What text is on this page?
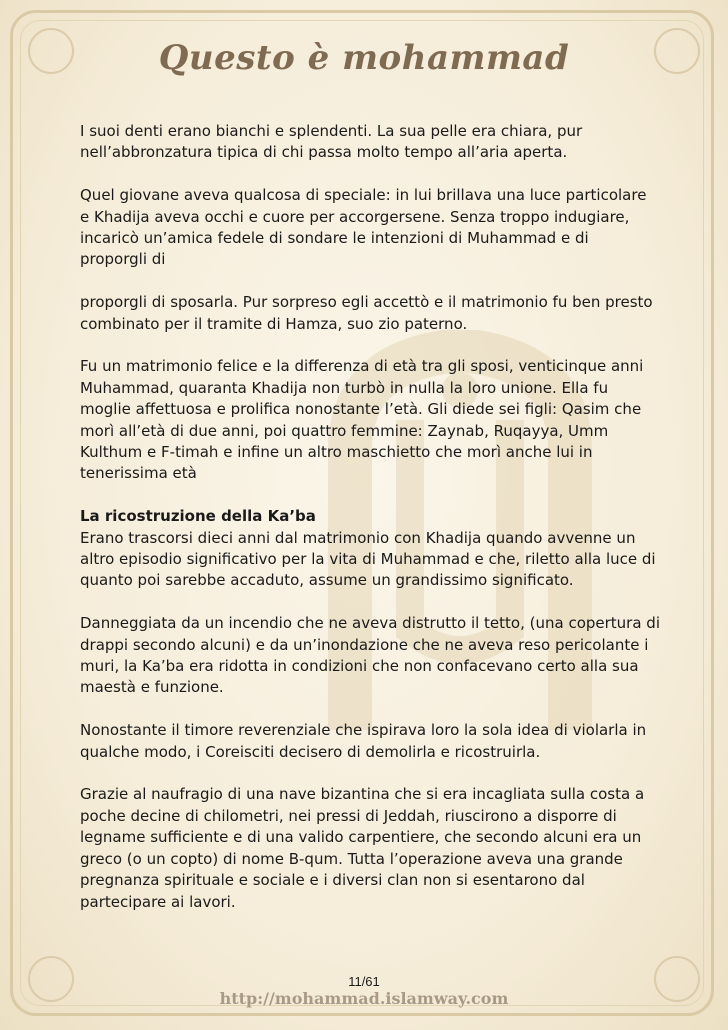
Questo è mohammad

I suoi denti erano bianchi e splendenti. La sua pelle era chiara, pur nell’abbronzatura tipica di chi passa molto tempo all’aria aperta.

Quel giovane aveva qualcosa di speciale: in lui brillava una luce particolare e Khadija aveva occhi e cuore per accorgersene. Senza troppo indugiare, incaricò un’amica fedele di sondare le intenzioni di Muhammad e di proporgli di

proporgli di sposarla. Pur sorpreso egli accettò e il matrimonio fu ben presto combinato per il tramite di Hamza, suo zio paterno.

Fu un matrimonio felice e la differenza di età tra gli sposi, venticinque anni Muhammad, quaranta Khadija non turbò in nulla la loro unione. Ella fu moglie affettuosa e prolifica nonostante l’età. Gli diede sei figli: Qasim che morì all’età di due anni, poi quattro femmine: Zaynab, Ruqayya, Umm Kulthum e F-timah e infine un altro maschietto che morì anche lui in tenerissima età

La ricostruzione della Ka’ba

Erano trascorsi dieci anni dal matrimonio con Khadija quando avvenne un altro episodio significativo per la vita di Muhammad e che, riletto alla luce di quanto poi sarebbe accaduto, assume un grandissimo significato.

Danneggiata da un incendio che ne aveva distrutto il tetto, (una copertura di drappi secondo alcuni) e da un’inondazione che ne aveva reso pericolante i muri, la Ka’ba era ridotta in condizioni che non confacevano certo alla sua maestà e funzione.

Nonostante il timore reverenziale che ispirava loro la sola idea di violarla in qualche modo, i Coreisciti decisero di demolirla e ricostruirla.

Grazie al naufragio di una nave bizantina che si era incagliata sulla costa a poche decine di chilometri, nei pressi di Jeddah, riuscirono a disporre di legname sufficiente e di una valido carpentiere, che secondo alcuni era un greco (o un copto) di nome B-qum. Tutta l’operazione aveva una grande pregnanza spirituale e sociale e i diversi clan non si esentarono dal partecipare ai lavori.

11/61
http://mohammad.islamway.com
